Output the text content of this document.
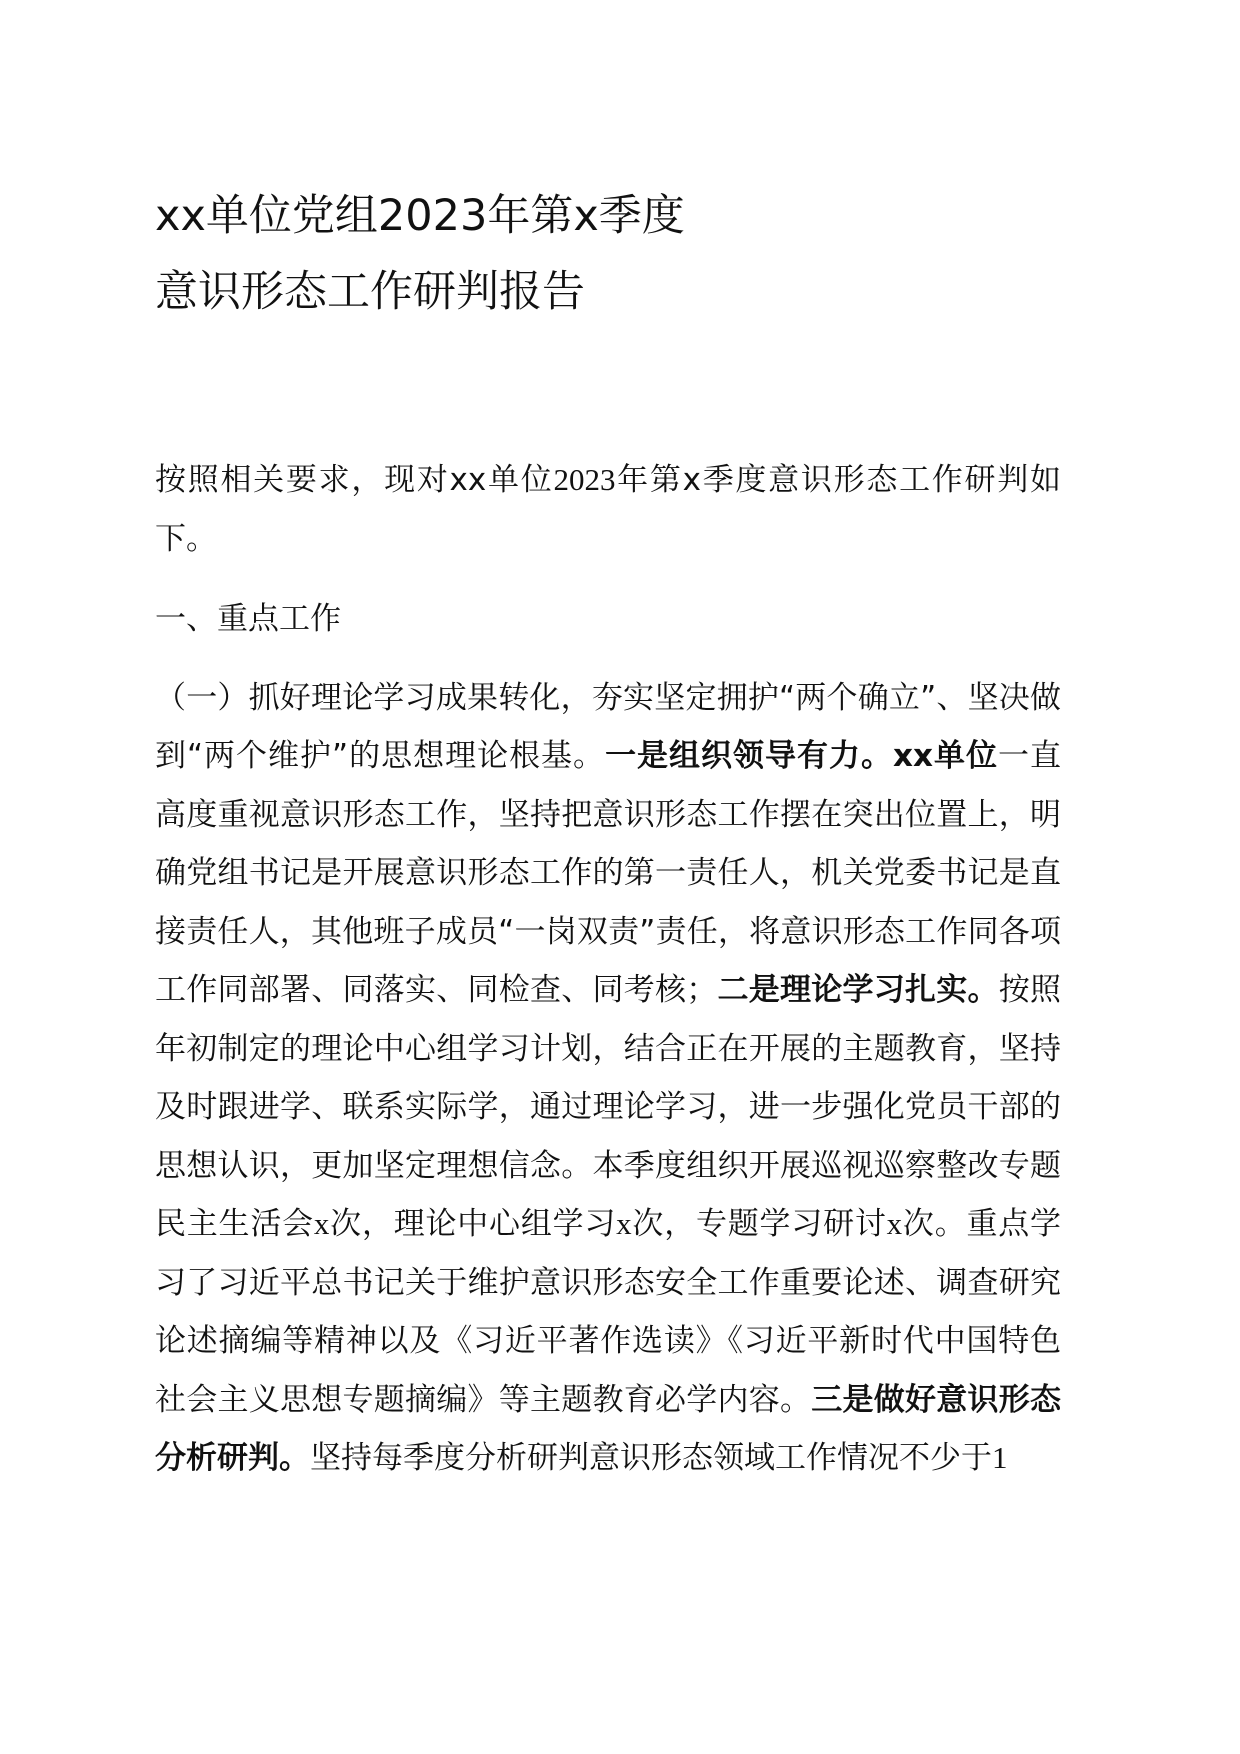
xx单位党组2023年第x季度
意识形态工作研判报告

按照相关要求，现对xx单位2023年第x季度意识形态工作研判如下。

一、重点工作

（一）抓好理论学习成果转化，夯实坚定拥护“两个确立”、坚决做到“两个维护”的思想理论根基。一是组织领导有力。xx单位一直高度重视意识形态工作，坚持把意识形态工作摆在突出位置上，明确党组书记是开展意识形态工作的第一责任人，机关党委书记是直接责任人，其他班子成员“一岗双责”责任，将意识形态工作同各项工作同部署、同落实、同检查、同考核；二是理论学习扎实。按照年初制定的理论中心组学习计划，结合正在开展的主题教育，坚持及时跟进学、联系实际学，通过理论学习，进一步强化党员干部的思想认识，更加坚定理想信念。本季度组织开展巡视巡察整改专题民主生活会x次，理论中心组学习x次，专题学习研讨x次。重点学习了习近平总书记关于维护意识形态安全工作重要论述、调查研究论述摘编等精神以及《习近平著作选读》《习近平新时代中国特色社会主义思想专题摘编》等主题教育必学内容。三是做好意识形态分析研判。坚持每季度分析研判意识形态领域工作情况不少于1
